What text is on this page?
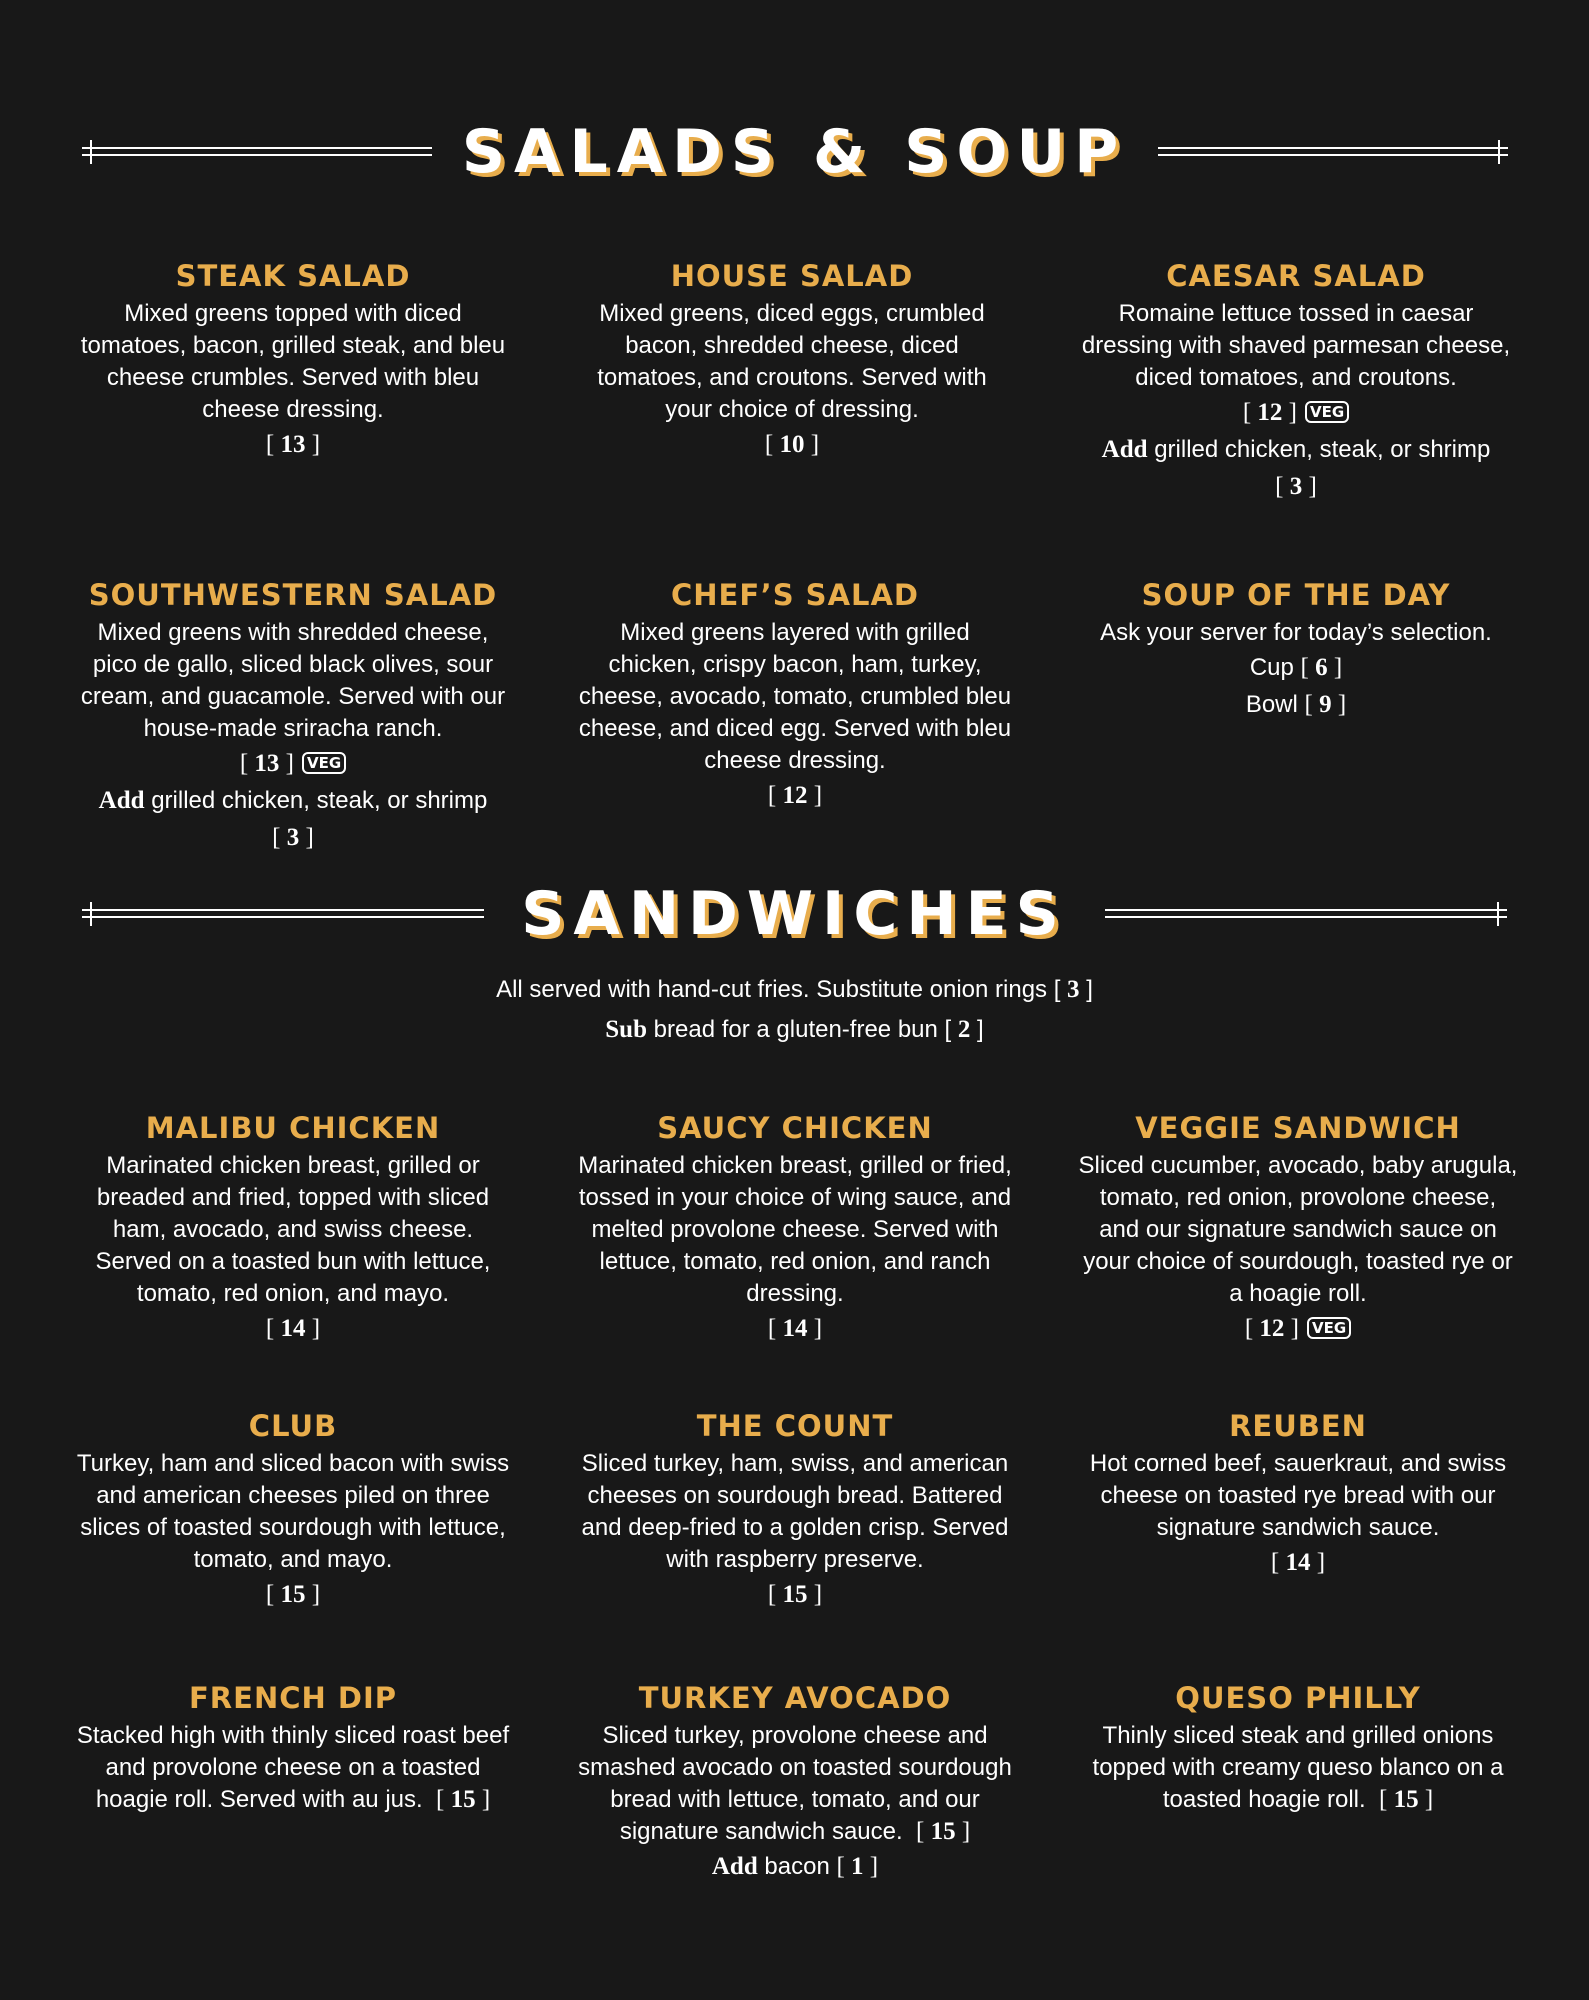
SALADS & SOUP
STEAK SALAD
Mixed greens topped with diced tomatoes, bacon, grilled steak, and bleu cheese crumbles. Served with bleu cheese dressing.
[ 13 ]
HOUSE SALAD
Mixed greens, diced eggs, crumbled bacon, shredded cheese, diced tomatoes, and croutons. Served with your choice of dressing.
[ 10 ]
CAESAR SALAD
Romaine lettuce tossed in caesar dressing with shaved parmesan cheese, diced tomatoes, and croutons.
[ 12 ] VEG
Add grilled chicken, steak, or shrimp
[ 3 ]
SOUTHWESTERN SALAD
Mixed greens with shredded cheese, pico de gallo, sliced black olives, sour cream, and guacamole. Served with our house-made sriracha ranch.
[ 13 ] VEG
Add grilled chicken, steak, or shrimp
[ 3 ]
CHEF’S SALAD
Mixed greens layered with grilled chicken, crispy bacon, ham, turkey, cheese, avocado, tomato, crumbled bleu cheese, and diced egg. Served with bleu cheese dressing.
[ 12 ]
SOUP OF THE DAY
Ask your server for today’s selection.
Cup [ 6 ]
Bowl [ 9 ]
SANDWICHES
All served with hand-cut fries. Substitute onion rings [ 3 ]
Sub bread for a gluten-free bun [ 2 ]
MALIBU CHICKEN
Marinated chicken breast, grilled or breaded and fried, topped with sliced ham, avocado, and swiss cheese. Served on a toasted bun with lettuce, tomato, red onion, and mayo.
[ 14 ]
SAUCY CHICKEN
Marinated chicken breast, grilled or fried, tossed in your choice of wing sauce, and melted provolone cheese. Served with lettuce, tomato, red onion, and ranch dressing.
[ 14 ]
VEGGIE SANDWICH
Sliced cucumber, avocado, baby arugula, tomato, red onion, provolone cheese, and our signature sandwich sauce on your choice of sourdough, toasted rye or a hoagie roll.
[ 12 ] VEG
CLUB
Turkey, ham and sliced bacon with swiss and american cheeses piled on three slices of toasted sourdough with lettuce, tomato, and mayo.
[ 15 ]
THE COUNT
Sliced turkey, ham, swiss, and american cheeses on sourdough bread. Battered and deep-fried to a golden crisp. Served with raspberry preserve.
[ 15 ]
REUBEN
Hot corned beef, sauerkraut, and swiss cheese on toasted rye bread with our signature sandwich sauce.
[ 14 ]
FRENCH DIP
Stacked high with thinly sliced roast beef and provolone cheese on a toasted hoagie roll. Served with au jus. [ 15 ]
TURKEY AVOCADO
Sliced turkey, provolone cheese and smashed avocado on toasted sourdough bread with lettuce, tomato, and our signature sandwich sauce. [ 15 ]
Add bacon [ 1 ]
QUESO PHILLY
Thinly sliced steak and grilled onions topped with creamy queso blanco on a toasted hoagie roll. [ 15 ]
